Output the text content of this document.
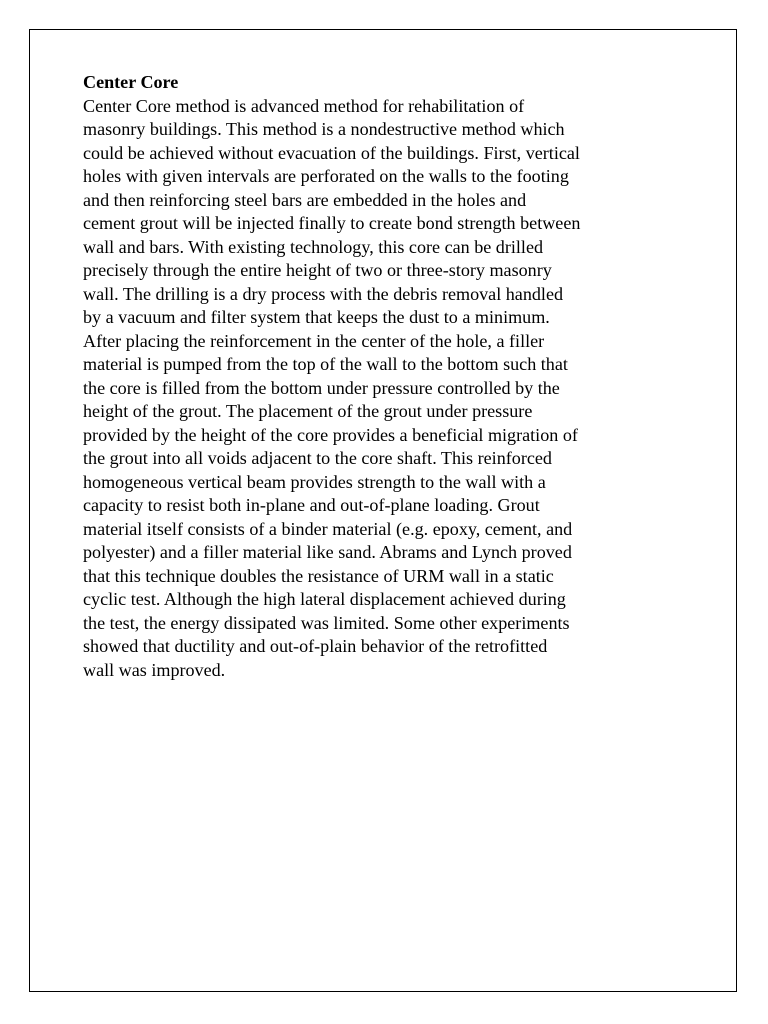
Center Core
Center Core method is advanced method for rehabilitation of
masonry buildings. This method is a nondestructive method which
could be achieved without evacuation of the buildings. First, vertical
holes with given intervals are perforated on the walls to the footing
and then reinforcing steel bars are embedded in the holes and
cement grout will be injected finally to create bond strength between
wall and bars. With existing technology, this core can be drilled
precisely through the entire height of two or three-story masonry
wall. The drilling is a dry process with the debris removal handled
by a vacuum and filter system that keeps the dust to a minimum.
After placing the reinforcement in the center of the hole, a filler
material is pumped from the top of the wall to the bottom such that
the core is filled from the bottom under pressure controlled by the
height of the grout. The placement of the grout under pressure
provided by the height of the core provides a beneficial migration of
the grout into all voids adjacent to the core shaft. This reinforced
homogeneous vertical beam provides strength to the wall with a
capacity to resist both in-plane and out-of-plane loading. Grout
material itself consists of a binder material (e.g. epoxy, cement, and
polyester) and a filler material like sand. Abrams and Lynch proved
that this technique doubles the resistance of URM wall in a static
cyclic test. Although the high lateral displacement achieved during
the test, the energy dissipated was limited. Some other experiments
showed that ductility and out-of-plain behavior of the retrofitted
wall was improved.
